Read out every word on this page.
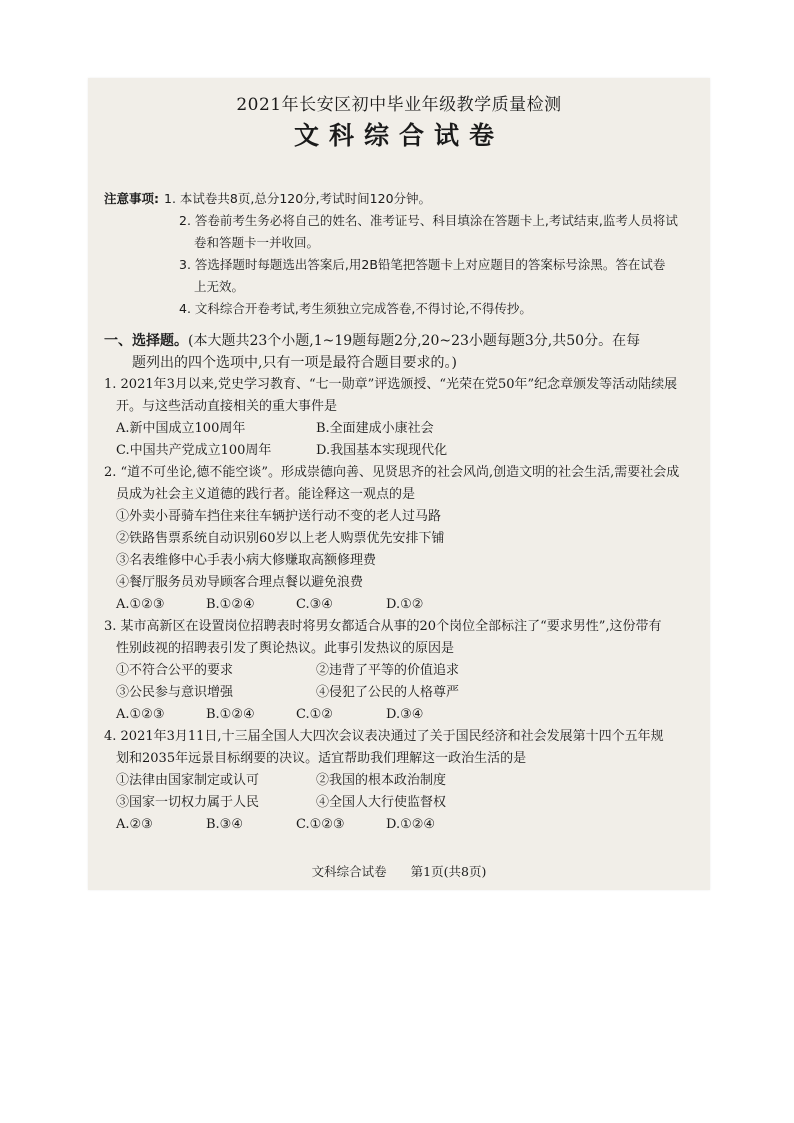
2021年长安区初中毕业年级教学质量检测
文科综合试卷
注意事项: 1. 本试卷共8页,总分120分,考试时间120分钟。
2. 答卷前考生务必将自己的姓名、准考证号、科目填涂在答题卡上,考试结束,监考人员将试
卷和答题卡一并收回。
3. 答选择题时每题选出答案后,用2B铅笔把答题卡上对应题目的答案标号涂黑。答在试卷
上无效。
4. 文科综合开卷考试,考生须独立完成答卷,不得讨论,不得传抄。
一、选择题。(本大题共23个小题,1~19题每题2分,20~23小题每题3分,共50分。在每
题列出的四个选项中,只有一项是最符合题目要求的。)
1. 2021年3月以来,党史学习教育、“七一勋章”评选颁授、“光荣在党50年”纪念章颁发等活动陆续展
开。与这些活动直接相关的重大事件是
A.新中国成立100周年	B.全面建成小康社会
C.中国共产党成立100周年	D.我国基本实现现代化
2. “道不可坐论,德不能空谈”。形成崇德向善、见贤思齐的社会风尚,创造文明的社会生活,需要社会成
员成为社会主义道德的践行者。能诠释这一观点的是
①外卖小哥骑车挡住来往车辆护送行动不变的老人过马路
②铁路售票系统自动识别60岁以上老人购票优先安排下铺
③名表维修中心手表小病大修赚取高额修理费
④餐厅服务员劝导顾客合理点餐以避免浪费
A.①②③	B.①②④	C.③④	D.①②
3. 某市高新区在设置岗位招聘表时将男女都适合从事的20个岗位全部标注了“要求男性”,这份带有
性别歧视的招聘表引发了舆论热议。此事引发热议的原因是
①不符合公平的要求	②违背了平等的价值追求
③公民参与意识增强	④侵犯了公民的人格尊严
A.①②③	B.①②④	C.①②	D.③④
4. 2021年3月11日,十三届全国人大四次会议表决通过了关于国民经济和社会发展第十四个五年规
划和2035年远景目标纲要的决议。适宜帮助我们理解这一政治生活的是
①法律由国家制定或认可	②我国的根本政治制度
③国家一切权力属于人民	④全国人大行使监督权
A.②③	B.③④	C.①②③	D.①②④
文科综合试卷 第1页(共8页)
